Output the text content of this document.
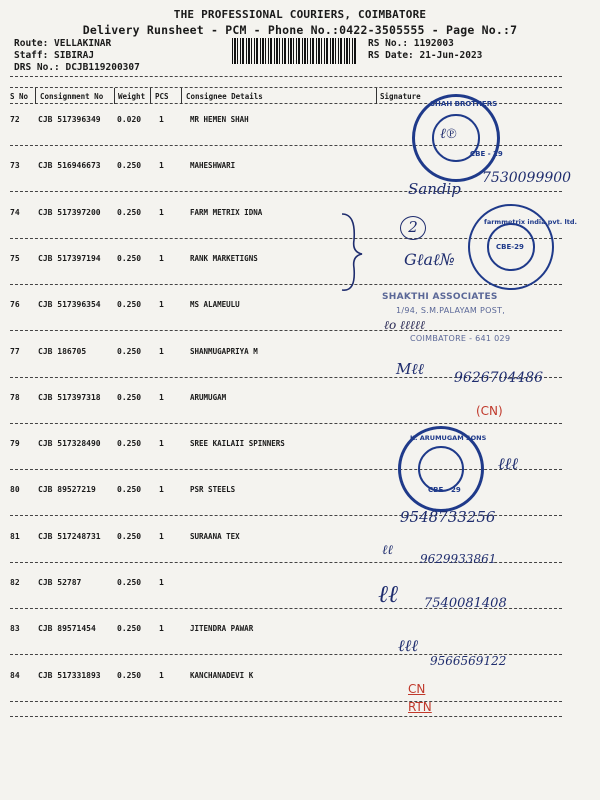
THE PROFESSIONAL COURIERS, COIMBATORE
Delivery Runsheet - PCM - Phone No.:0422-3505555 - Page No.:7
Route: VELLAKINAR
Staff: SIBIRAJ
DRS No.: DCJB119200307
RS No.: 1192003
RS Date: 21-Jun-2023
S No Consignment No Weight PCS Consignee Details	Signature
72 CJB 517396349 0.020 1	MR HEMEN SHAH
73 CJB 516946673 0.250 1	MAHESHWARI
74 CJB 517397200 0.250 1	FARM METRIX IDNA
75 CJB 517397194 0.250 1	RANK MARKETIGNS
76 CJB 517396354 0.250 1	MS ALAMEULU
77 CJB 186705	0.250 1	SHANMUGAPRIYA M
78 CJB 517397318 0.250 1	ARUMUGAM
79 CJB 517328490 0.250 1	SREE KAILAII SPINNERS
80 CJB 89527219	0.250 1	PSR STEELS
81 CJB 517248731 0.250 1	SURAANA TEX
82 CJB 52787	0.250 1
83 CJB 89571454	0.250 1	JITENDRA PAWAR
84 CJB 517331893 0.250 1	KANCHANADEVI K
SHAH BROTHERS
CBE - 29
ℓ℗
Sandip
7530099900
2	farmmetrix india pvt. ltd.
CBE-29
Gℓaℓ№
SHAKTHI ASSOCIATES
1/94, S.M.PALAYAM POST,
COIMBATORE - 641 029
ℓo ℓℓℓℓℓ
Mℓℓ 9626704486
(CN)
K. ARUMUGAM SONS
CBE - 29
ℓℓℓ
9548733256
ℓℓ
9629933861
ℓℓ 7540081408
ℓℓℓ
9566569122
CN
RTN
